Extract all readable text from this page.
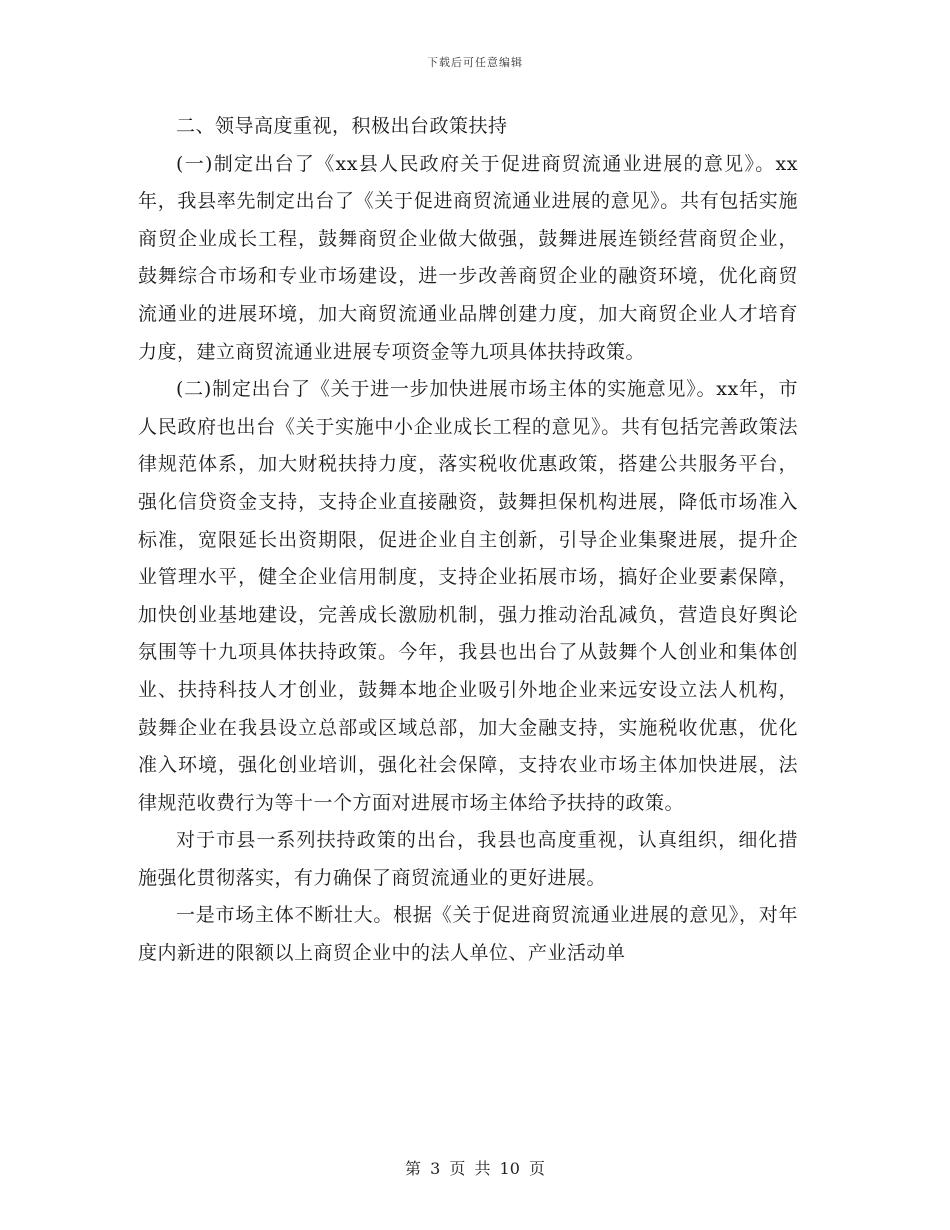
下载后可任意编辑

二、领导高度重视，积极出台政策扶持

(一)制定出台了《xx县人民政府关于促进商贸流通业进展的意见》。xx年，我县率先制定出台了《关于促进商贸流通业进展的意见》。共有包括实施商贸企业成长工程，鼓舞商贸企业做大做强，鼓舞进展连锁经营商贸企业，鼓舞综合市场和专业市场建设，进一步改善商贸企业的融资环境，优化商贸流通业的进展环境，加大商贸流通业品牌创建力度，加大商贸企业人才培育力度，建立商贸流通业进展专项资金等九项具体扶持政策。

(二)制定出台了《关于进一步加快进展市场主体的实施意见》。xx年，市人民政府也出台《关于实施中小企业成长工程的意见》。共有包括完善政策法律规范体系，加大财税扶持力度，落实税收优惠政策，搭建公共服务平台，强化信贷资金支持，支持企业直接融资，鼓舞担保机构进展，降低市场准入标准，宽限延长出资期限，促进企业自主创新，引导企业集聚进展，提升企业管理水平，健全企业信用制度，支持企业拓展市场，搞好企业要素保障，加快创业基地建设，完善成长激励机制，强力推动治乱减负，营造良好舆论氛围等十九项具体扶持政策。今年，我县也出台了从鼓舞个人创业和集体创业、扶持科技人才创业，鼓舞本地企业吸引外地企业来远安设立法人机构，鼓舞企业在我县设立总部或区域总部，加大金融支持，实施税收优惠，优化准入环境，强化创业培训，强化社会保障，支持农业市场主体加快进展，法律规范收费行为等十一个方面对进展市场主体给予扶持的政策。

对于市县一系列扶持政策的出台，我县也高度重视，认真组织，细化措施强化贯彻落实，有力确保了商贸流通业的更好进展。

一是市场主体不断壮大。根据《关于促进商贸流通业进展的意见》，对年度内新进的限额以上商贸企业中的法人单位、产业活动单

第 3 页 共 10 页
